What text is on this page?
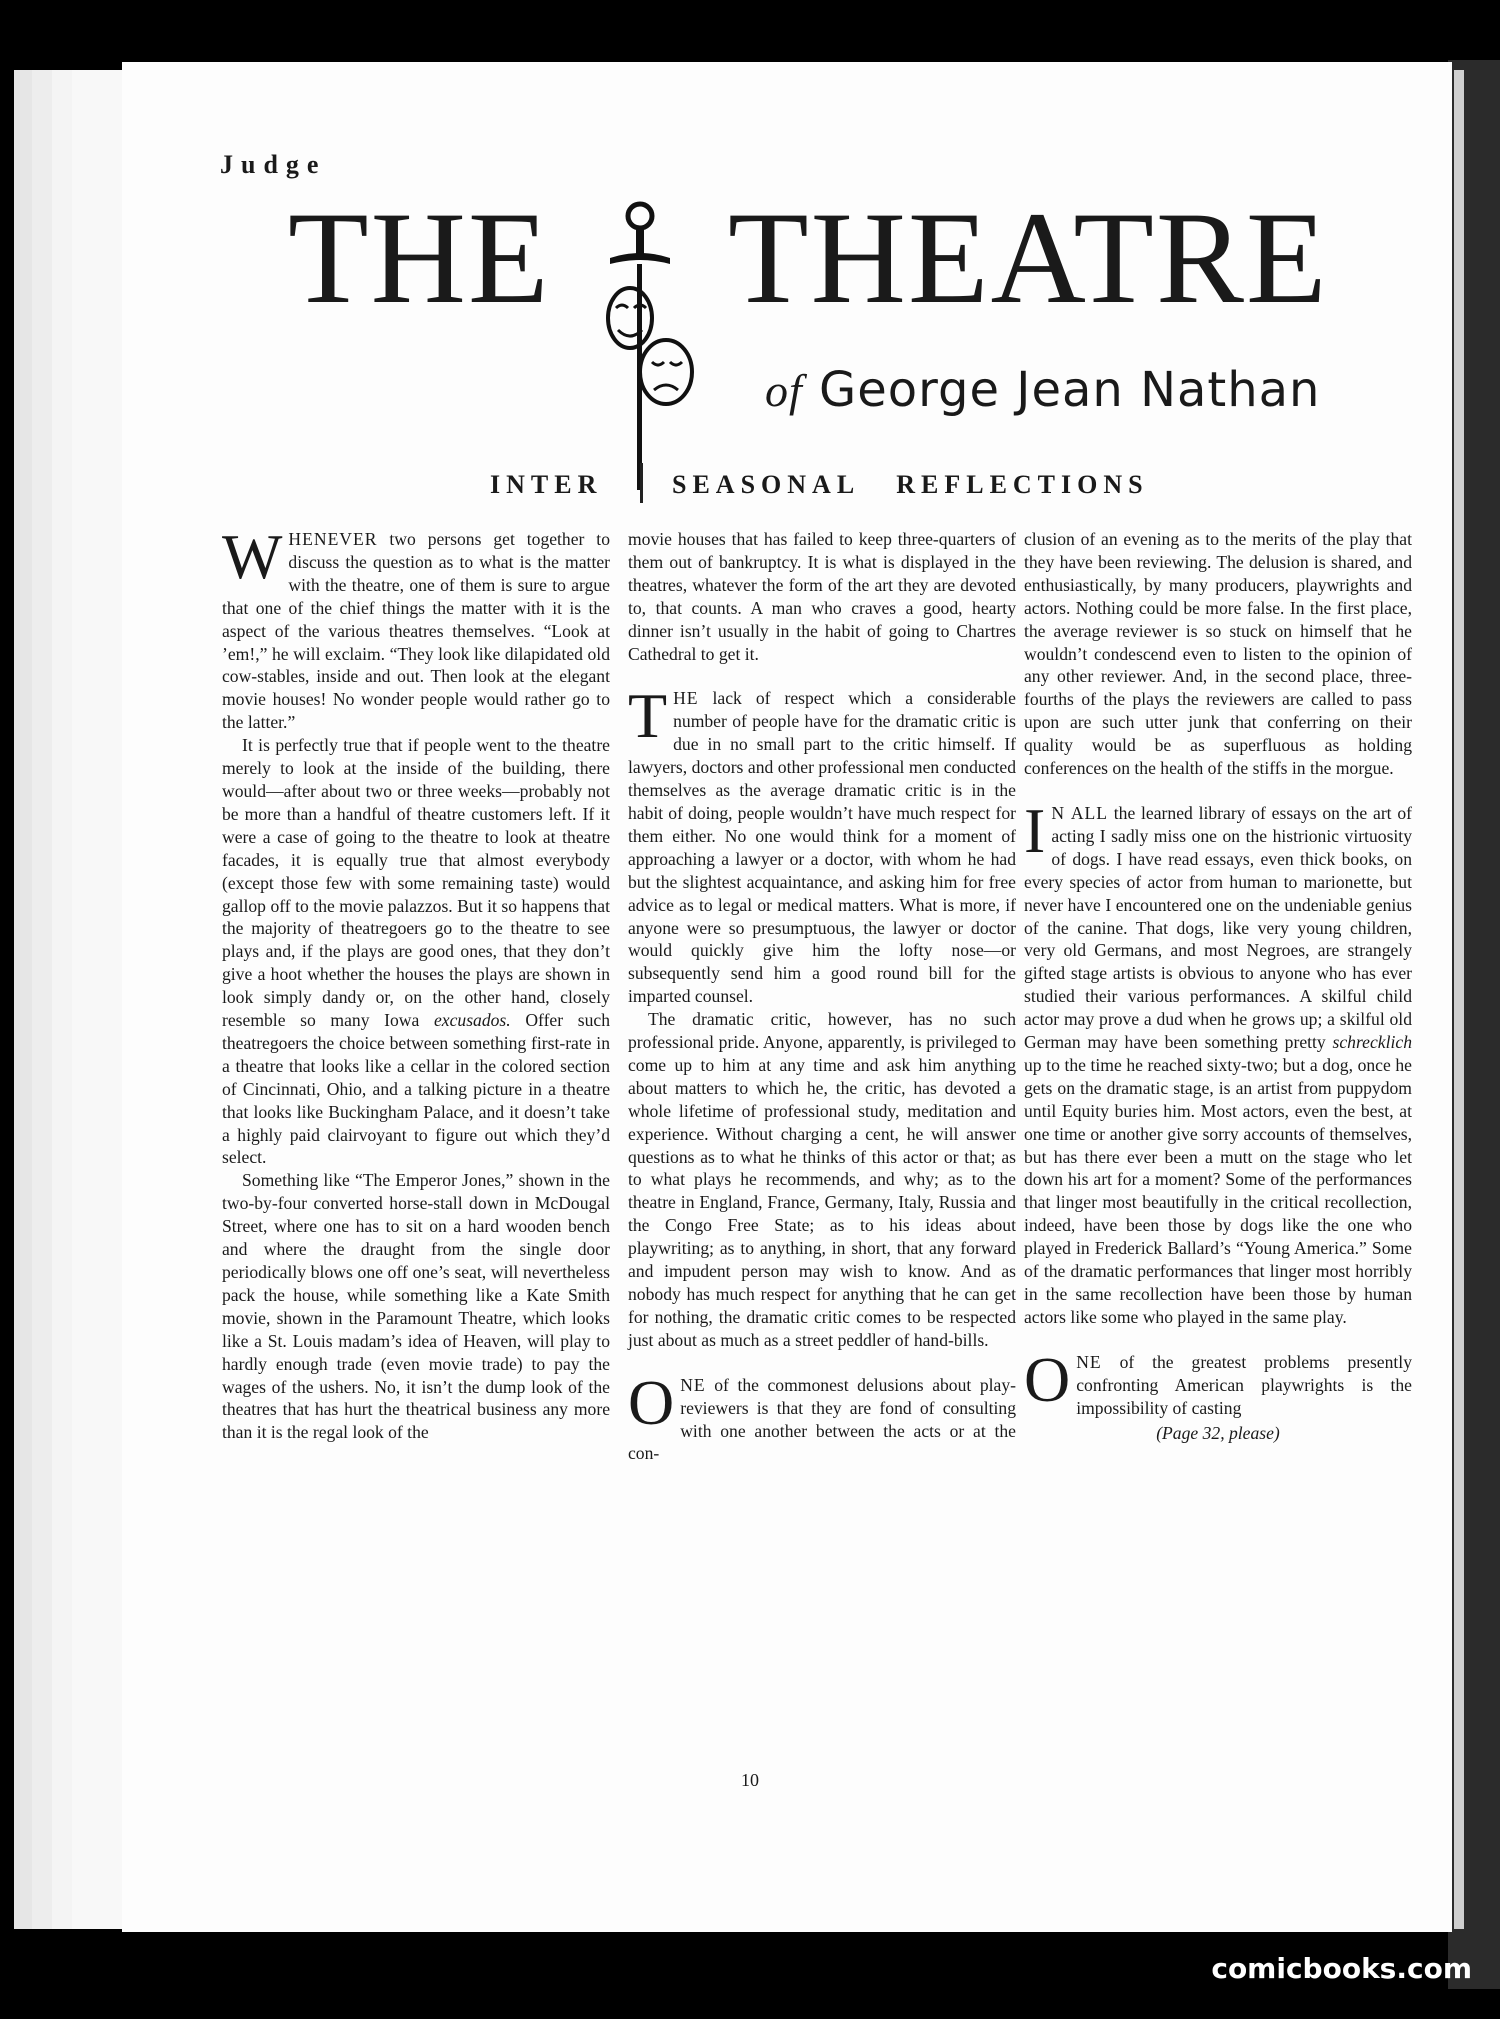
Judge
THE THEATRE
of George Jean Nathan
INTER	SEASONAL   REFLECTIONS

WHENEVER two persons get together to discuss the question as to what is the matter with the theatre, one of them is sure to argue that one of the chief things the matter with it is the aspect of the various theatres themselves. “Look at ’em!,” he will exclaim. “They look like dilapidated old cow-stables, inside and out. Then look at the elegant movie houses! No wonder people would rather go to the latter.”

It is perfectly true that if people went to the theatre merely to look at the inside of the building, there would—after about two or three weeks—probably not be more than a handful of theatre customers left. If it were a case of going to the theatre to look at theatre facades, it is equally true that almost everybody (except those few with some remaining taste) would gallop off to the movie palazzos. But it so happens that the majority of theatregoers go to the theatre to see plays and, if the plays are good ones, that they don’t give a hoot whether the houses the plays are shown in look simply dandy or, on the other hand, closely resemble so many Iowa excusados. Offer such theatregoers the choice between something first-rate in a theatre that looks like a cellar in the colored section of Cincinnati, Ohio, and a talking picture in a theatre that looks like Buckingham Palace, and it doesn’t take a highly paid clairvoyant to figure out which they’d select.

Something like “The Emperor Jones,” shown in the two-by-four converted horse-stall down in McDougal Street, where one has to sit on a hard wooden bench and where the draught from the single door periodically blows one off one’s seat, will nevertheless pack the house, while something like a Kate Smith movie, shown in the Paramount Theatre, which looks like a St. Louis madam’s idea of Heaven, will play to hardly enough trade (even movie trade) to pay the wages of the ushers. No, it isn’t the dump look of the theatres that has hurt the theatrical business any more than it is the regal look of the

movie houses that has failed to keep three-quarters of them out of bankruptcy. It is what is displayed in the theatres, whatever the form of the art they are devoted to, that counts. A man who craves a good, hearty dinner isn’t usually in the habit of going to Chartres Cathedral to get it.

THE lack of respect which a considerable number of people have for the dramatic critic is due in no small part to the critic himself. If lawyers, doctors and other professional men conducted themselves as the average dramatic critic is in the habit of doing, people wouldn’t have much respect for them either. No one would think for a moment of approaching a lawyer or a doctor, with whom he had but the slightest acquaintance, and asking him for free advice as to legal or medical matters. What is more, if anyone were so presumptuous, the lawyer or doctor would quickly give him the lofty nose—or subsequently send him a good round bill for the imparted counsel.

The dramatic critic, however, has no such professional pride. Anyone, apparently, is privileged to come up to him at any time and ask him anything about matters to which he, the critic, has devoted a whole lifetime of professional study, meditation and experience. Without charging a cent, he will answer questions as to what he thinks of this actor or that; as to what plays he recommends, and why; as to the theatre in England, France, Germany, Italy, Russia and the Congo Free State; as to his ideas about playwriting; as to anything, in short, that any forward and impudent person may wish to know. And as nobody has much respect for anything that he can get for nothing, the dramatic critic comes to be respected just about as much as a street peddler of hand-bills.

ONE of the commonest delusions about play-reviewers is that they are fond of consulting with one another between the acts or at the con-

clusion of an evening as to the merits of the play that they have been reviewing. The delusion is shared, and enthusiastically, by many producers, playwrights and actors. Nothing could be more false. In the first place, the average reviewer is so stuck on himself that he wouldn’t condescend even to listen to the opinion of any other reviewer. And, in the second place, three-fourths of the plays the reviewers are called to pass upon are such utter junk that conferring on their quality would be as superfluous as holding conferences on the health of the stiffs in the morgue.

I N ALL the learned library of essays on the art of acting I sadly miss one on the histrionic virtuosity of dogs. I have read essays, even thick books, on every species of actor from human to marionette, but never have I encountered one on the undeniable genius of the canine. That dogs, like very young children, very old Germans, and most Negroes, are strangely gifted stage artists is obvious to anyone who has ever studied their various performances. A skilful child actor may prove a dud when he grows up; a skilful old German may have been something pretty schrecklich up to the time he reached sixty-two; but a dog, once he gets on the dramatic stage, is an artist from puppydom until Equity buries him. Most actors, even the best, at one time or another give sorry accounts of themselves, but has there ever been a mutt on the stage who let down his art for a moment? Some of the performances that linger most beautifully in the critical recollection, indeed, have been those by dogs like the one who played in Frederick Ballard’s “Young America.” Some of the dramatic performances that linger most horribly in the same recollection have been those by human actors like some who played in the same play.

ONE of the greatest problems presently confronting American playwrights is the impossibility of casting

(Page 32, please)
10
comicbooks.com
